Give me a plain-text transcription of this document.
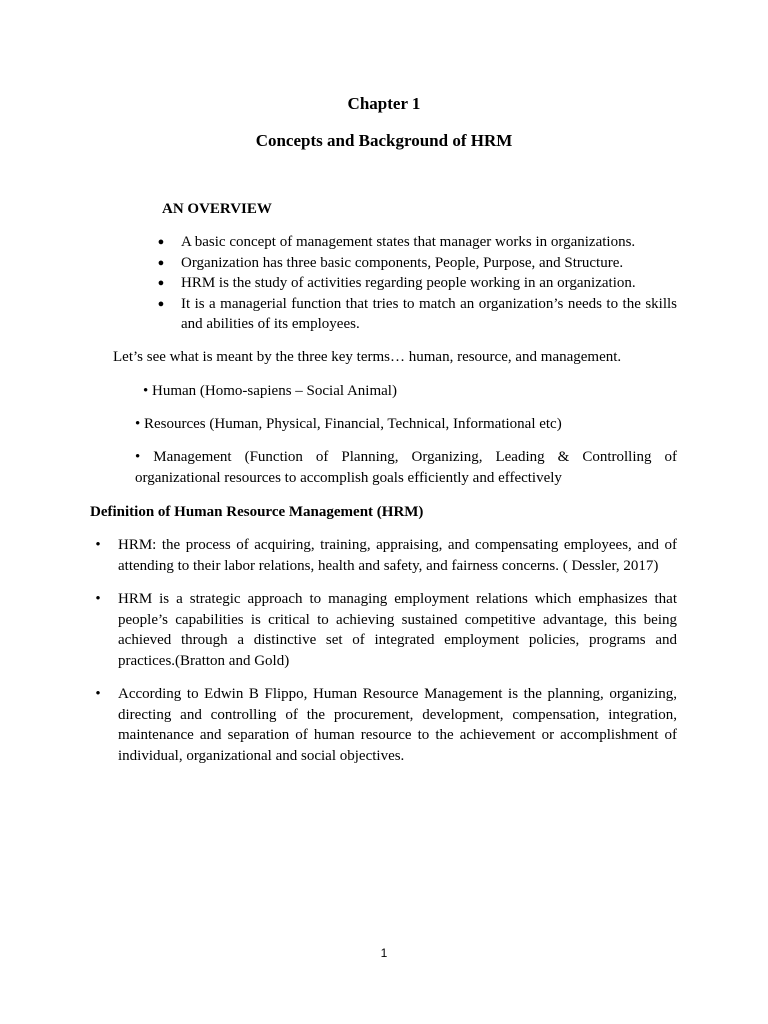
Chapter 1
Concepts and Background of HRM
AN OVERVIEW
●	A basic concept of management states that manager works in organizations.
●	Organization has three basic components, People, Purpose, and Structure.
●	HRM is the study of activities regarding people working in an organization.
●	It is a managerial function that tries to match an organization’s needs to the skills and abilities of its employees.
Let’s see what is meant by the three key terms… human, resource, and management.
• Human (Homo-sapiens – Social Animal)
• Resources (Human, Physical, Financial, Technical, Informational etc)
• Management (Function of Planning, Organizing, Leading & Controlling of organizational resources to accomplish goals efficiently and effectively
Definition of Human Resource Management (HRM)
•	HRM: the process of acquiring, training, appraising, and compensating employees, and of attending to their labor relations, health and safety, and fairness concerns. ( Dessler, 2017)
•	HRM is a strategic approach to managing employment relations which emphasizes that people’s capabilities is critical to achieving sustained competitive advantage, this being achieved through a distinctive set of integrated employment policies, programs and practices.(Bratton and Gold)
•	According to Edwin B Flippo, Human Resource Management is the planning, organizing, directing and controlling of the procurement, development, compensation, integration, maintenance and separation of human resource to the achievement or accomplishment of individual, organizational and social objectives.
1
